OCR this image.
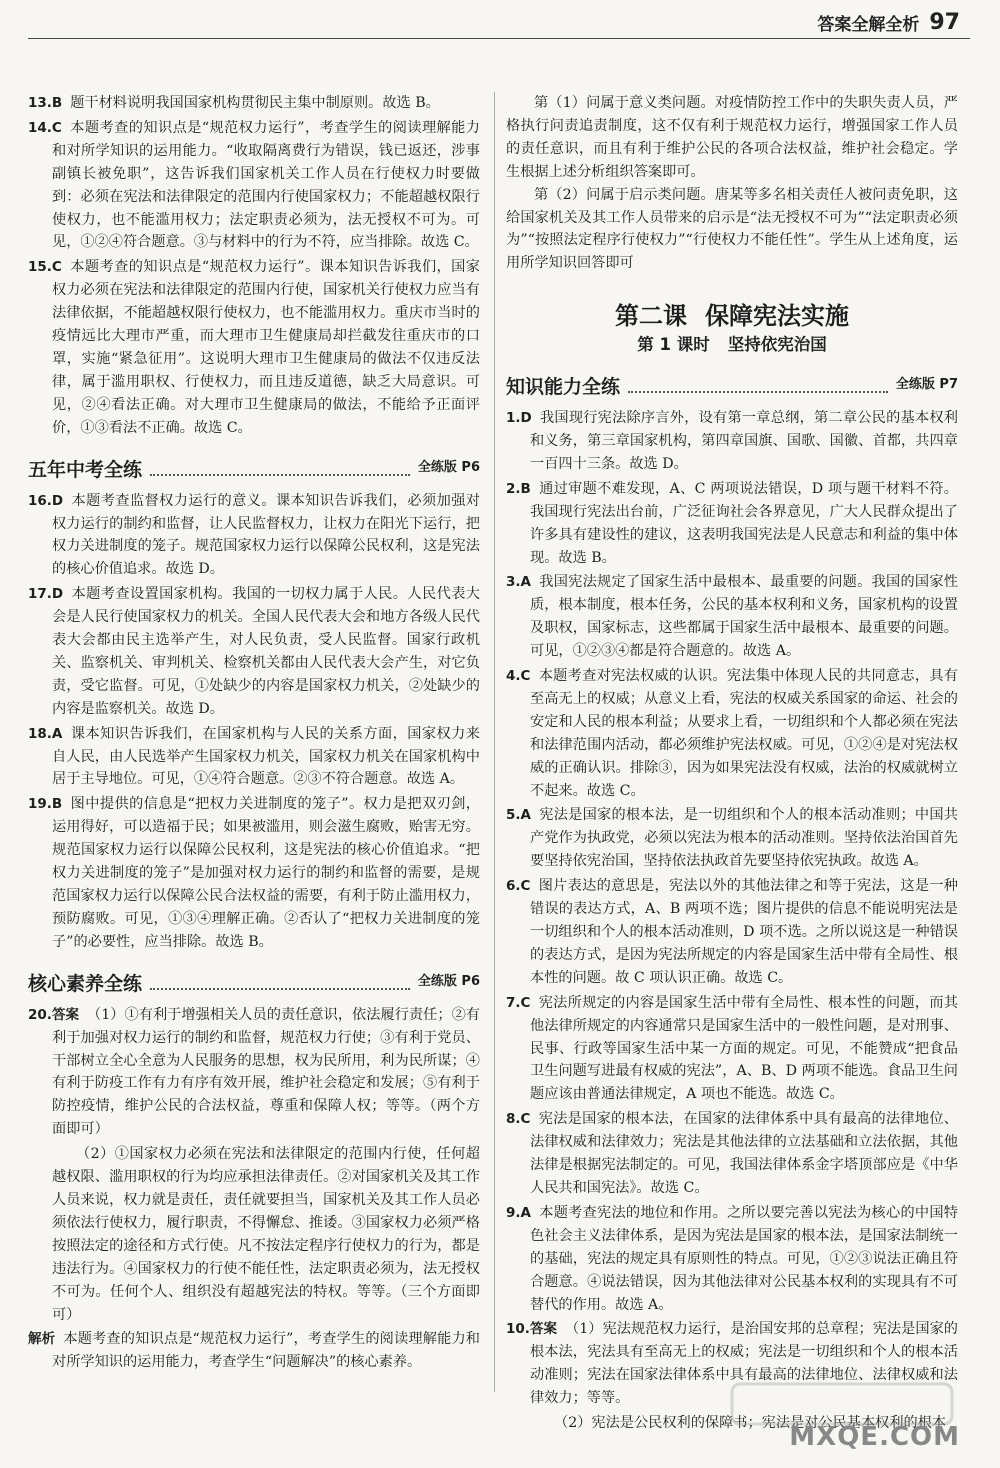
答案全解全析 97

13.B 题干材料说明我国国家机构贯彻民主集中制原则。故选 B。

14.C 本题考查的知识点是“规范权力运行”，考查学生的阅读理解能力和对所学知识的运用能力。“收取隔离费行为错误，钱已返还，涉事副镇长被免职”，这告诉我们国家机关工作人员在行使权力时要做到：必须在宪法和法律限定的范围内行使国家权力；不能超越权限行使权力，也不能滥用权力；法定职责必须为，法无授权不可为。可见，①②④符合题意。③与材料中的行为不符，应当排除。故选 C。

15.C 本题考查的知识点是“规范权力运行”。课本知识告诉我们，国家权力必须在宪法和法律限定的范围内行使，国家机关行使权力应当有法律依据，不能超越权限行使权力，也不能滥用权力。重庆市当时的疫情远比大理市严重，而大理市卫生健康局却拦截发往重庆市的口罩，实施“紧急征用”。这说明大理市卫生健康局的做法不仅违反法律，属于滥用职权、行使权力，而且违反道德，缺乏大局意识。可见，②④看法正确。对大理市卫生健康局的做法，不能给予正面评价，①③看法不正确。故选 C。

五年中考全练	全练版 P6

16.D 本题考查监督权力运行的意义。课本知识告诉我们，必须加强对权力运行的制约和监督，让人民监督权力，让权力在阳光下运行，把权力关进制度的笼子。规范国家权力运行以保障公民权利，这是宪法的核心价值追求。故选 D。

17.D 本题考查设置国家机构。我国的一切权力属于人民。人民代表大会是人民行使国家权力的机关。全国人民代表大会和地方各级人民代表大会都由民主选举产生，对人民负责，受人民监督。国家行政机关、监察机关、审判机关、检察机关都由人民代表大会产生，对它负责，受它监督。可见，①处缺少的内容是国家权力机关，②处缺少的内容是监察机关。故选 D。

18.A 课本知识告诉我们，在国家机构与人民的关系方面，国家权力来自人民，由人民选举产生国家权力机关，国家权力机关在国家机构中居于主导地位。可见，①④符合题意。②③不符合题意。故选 A。

19.B 图中提供的信息是“把权力关进制度的笼子”。权力是把双刃剑，运用得好，可以造福于民；如果被滥用，则会滋生腐败，贻害无穷。规范国家权力运行以保障公民权利，这是宪法的核心价值追求。“把权力关进制度的笼子”是加强对权力运行的制约和监督的需要，是规范国家权力运行以保障公民合法权益的需要，有利于防止滥用权力，预防腐败。可见，①③④理解正确。②否认了“把权力关进制度的笼子”的必要性，应当排除。故选 B。

核心素养全练	全练版 P6

20.答案 （1）①有利于增强相关人员的责任意识，依法履行责任；②有利于加强对权力运行的制约和监督，规范权力行使；③有利于党员、干部树立全心全意为人民服务的思想，权为民所用，利为民所谋；④有利于防疫工作有力有序有效开展，维护社会稳定和发展；⑤有利于防控疫情，维护公民的合法权益，尊重和保障人权；等等。（两个方面即可）

（2）①国家权力必须在宪法和法律限定的范围内行使，任何超越权限、滥用职权的行为均应承担法律责任。②对国家机关及其工作人员来说，权力就是责任，责任就要担当，国家机关及其工作人员必须依法行使权力，履行职责，不得懈怠、推诿。③国家权力必须严格按照法定的途径和方式行使。凡不按法定程序行使权力的行为，都是违法行为。④国家权力的行使不能任性，法定职责必须为，法无授权不可为。任何个人、组织没有超越宪法的特权。等等。（三个方面即可）

解析 本题考查的知识点是“规范权力运行”，考查学生的阅读理解能力和对所学知识的运用能力，考查学生“问题解决”的核心素养。

第（1）问属于意义类问题。对疫情防控工作中的失职失责人员，严格执行问责追责制度，这不仅有利于规范权力运行，增强国家工作人员的责任意识，而且有利于维护公民的各项合法权益，维护社会稳定。学生根据上述分析组织答案即可。

第（2）问属于启示类问题。唐某等多名相关责任人被问责免职，这给国家机关及其工作人员带来的启示是“法无授权不可为”“法定职责必须为”“按照法定程序行使权力”“行使权力不能任性”。学生从上述角度，运用所学知识回答即可

第二课 保障宪法实施
第 1 课时 坚持依宪治国
知识能力全练	全练版 P7

1.D 我国现行宪法除序言外，设有第一章总纲，第二章公民的基本权利和义务，第三章国家机构，第四章国旗、国歌、国徽、首都，共四章一百四十三条。故选 D。

2.B 通过审题不难发现，A、C 两项说法错误，D 项与题干材料不符。我国现行宪法出台前，广泛征询社会各界意见，广大人民群众提出了许多具有建设性的建议，这表明我国宪法是人民意志和利益的集中体现。故选 B。

3.A 我国宪法规定了国家生活中最根本、最重要的问题。我国的国家性质，根本制度，根本任务，公民的基本权利和义务，国家机构的设置及职权，国家标志，这些都属于国家生活中最根本、最重要的问题。可见，①②③④都是符合题意的。故选 A。

4.C 本题考查对宪法权威的认识。宪法集中体现人民的共同意志，具有至高无上的权威；从意义上看，宪法的权威关系国家的命运、社会的安定和人民的根本利益；从要求上看，一切组织和个人都必须在宪法和法律范围内活动，都必须维护宪法权威。可见，①②④是对宪法权威的正确认识。排除③，因为如果宪法没有权威，法治的权威就树立不起来。故选 C。

5.A 宪法是国家的根本法，是一切组织和个人的根本活动准则；中国共产党作为执政党，必须以宪法为根本的活动准则。坚持依法治国首先要坚持依宪治国，坚持依法执政首先要坚持依宪执政。故选 A。

6.C 图片表达的意思是，宪法以外的其他法律之和等于宪法，这是一种错误的表达方式，A、B 两项不选；图片提供的信息不能说明宪法是一切组织和个人的根本活动准则，D 项不选。之所以说这是一种错误的表达方式，是因为宪法所规定的内容是国家生活中带有全局性、根本性的问题。故 C 项认识正确。故选 C。

7.C 宪法所规定的内容是国家生活中带有全局性、根本性的问题，而其他法律所规定的内容通常只是国家生活中的一般性问题，是对刑事、民事、行政等国家生活中某一方面的规定。可见，不能赞成“把食品卫生问题写进最有权威的宪法”，A、B、D 两项不能选。食品卫生问题应该由普通法律规定，A 项也不能选。故选 C。

8.C 宪法是国家的根本法，在国家的法律体系中具有最高的法律地位、法律权威和法律效力；宪法是其他法律的立法基础和立法依据，其他法律是根据宪法制定的。可见，我国法律体系金字塔顶部应是《中华人民共和国宪法》。故选 C。

9.A 本题考查宪法的地位和作用。之所以要完善以宪法为核心的中国特色社会主义法律体系，是因为宪法是国家的根本法，是国家法制统一的基础，宪法的规定具有原则性的特点。可见，①②③说法正确且符合题意。④说法错误，因为其他法律对公民基本权利的实现具有不可替代的作用。故选 A。

10.答案 （1）宪法规范权力运行，是治国安邦的总章程；宪法是国家的根本法，宪法具有至高无上的权威；宪法是一切组织和个人的根本活动准则；宪法在国家法律体系中具有最高的法律地位、法律权威和法律效力；等等。

（2）宪法是公民权利的保障书；宪法是对公民基本权利的根本

MXQE.COM
